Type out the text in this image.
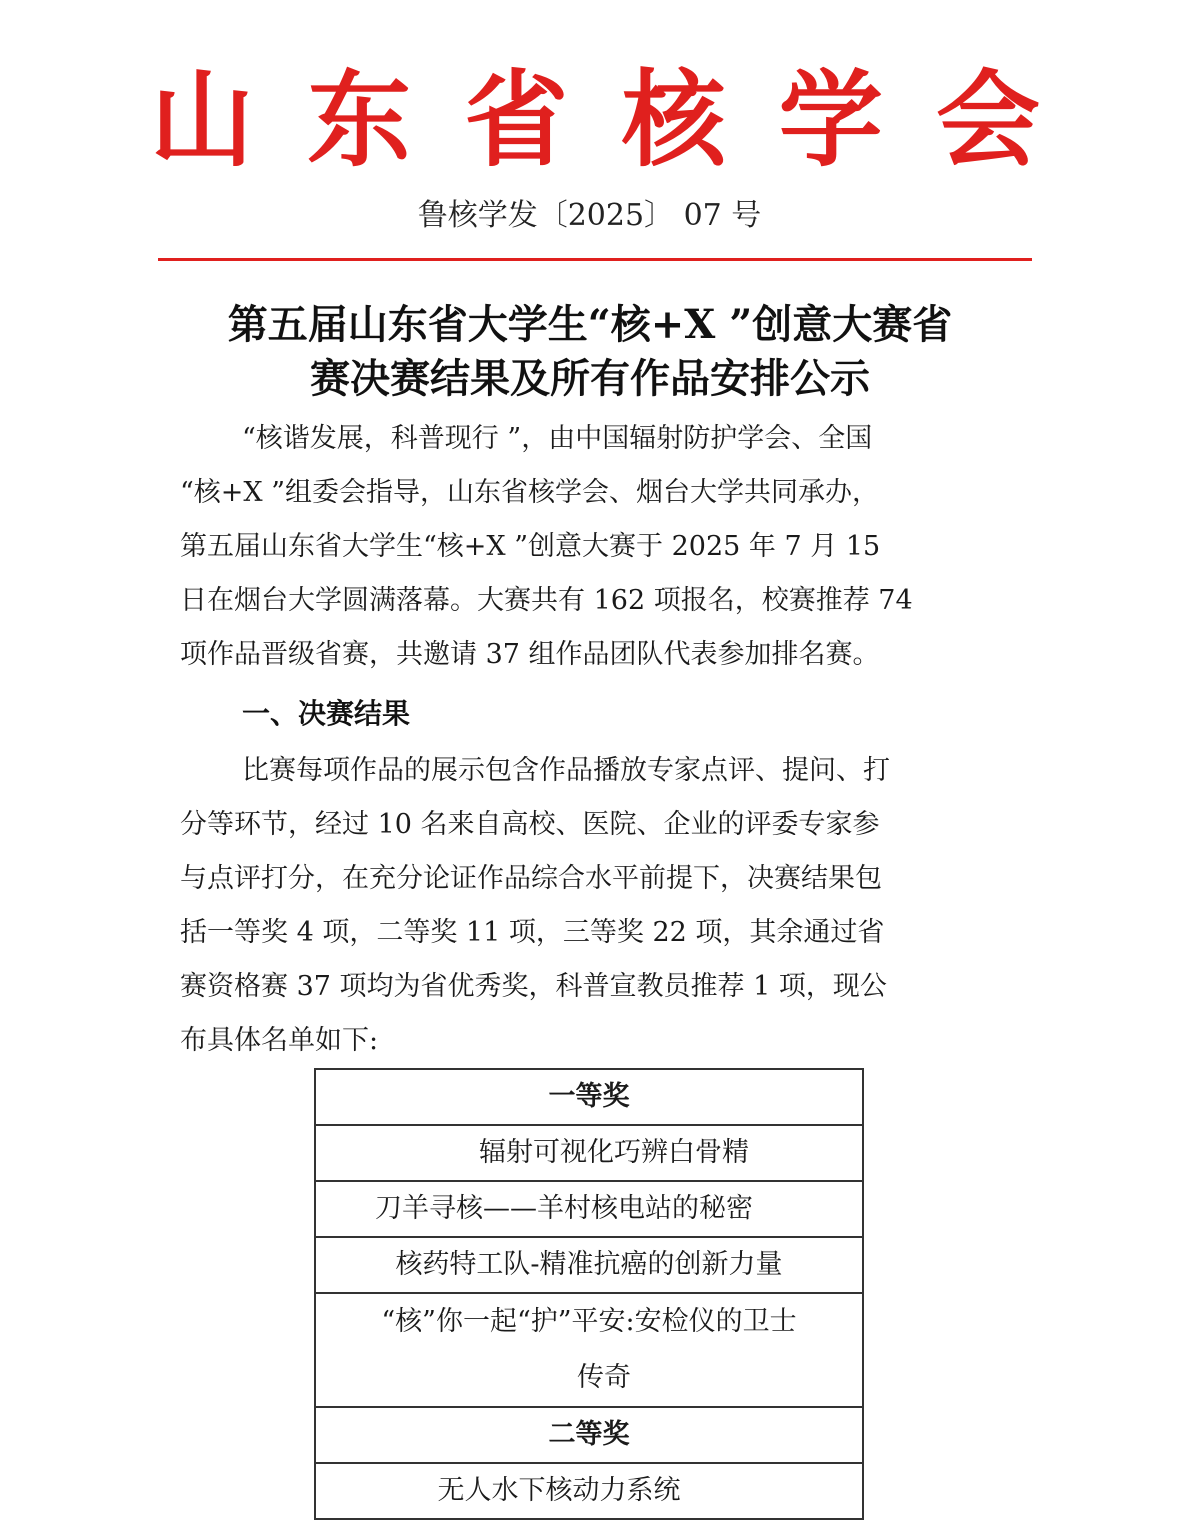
山 东 省 核 学 会
鲁核学发〔2025〕 07 号
第五届山东省大学生“核+X ”创意大赛省
赛决赛结果及所有作品安排公示
“核谐发展，科普现行 ”，由中国辐射防护学会、全国
“核+X ”组委会指导，山东省核学会、烟台大学共同承办，
第五届山东省大学生“核+X ”创意大赛于 2025 年 7 月 15
日在烟台大学圆满落幕。大赛共有 162 项报名，校赛推荐 74
项作品晋级省赛，共邀请 37 组作品团队代表参加排名赛。
一、决赛结果
比赛每项作品的展示包含作品播放专家点评、提问、打
分等环节，经过 10 名来自高校、医院、企业的评委专家参
与点评打分，在充分论证作品综合水平前提下，决赛结果包
括一等奖 4 项，二等奖 11 项，三等奖 22 项，其余通过省
赛资格赛 37 项均为省优秀奖，科普宣教员推荐 1 项，现公
布具体名单如下:
一等奖
辐射可视化巧辨白骨精
刀羊寻核——羊村核电站的秘密
核药特工队-精准抗癌的创新力量

“核”你一起“护”平安:安检仪的卫士
传奇

二等奖
无人水下核动力系统
